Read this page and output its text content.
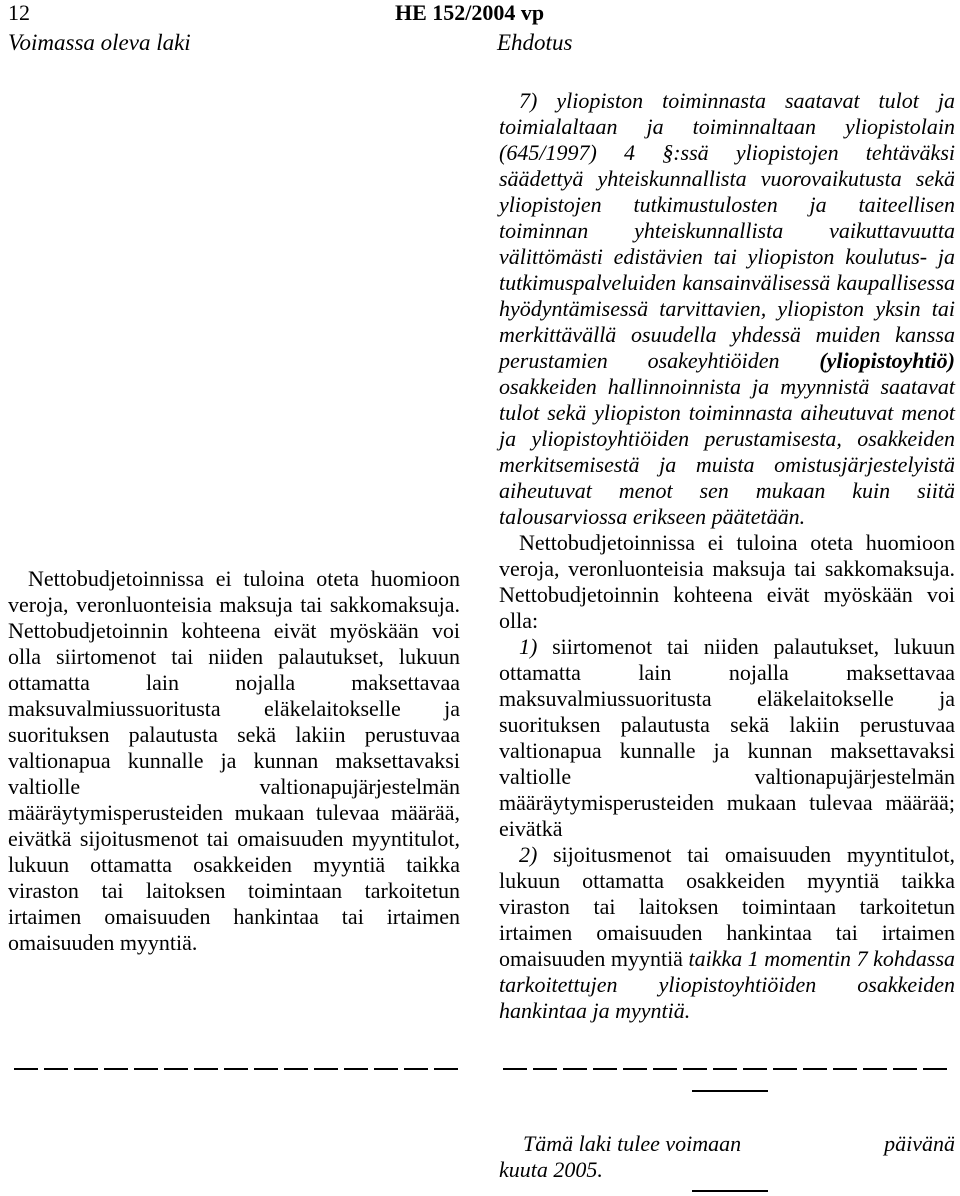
12	HE 152/2004 vp
Voimassa oleva laki	Ehdotus

Nettobudjetoinnissa ei tuloina oteta huomioon veroja, veronluonteisia maksuja tai sakkomaksuja. Nettobudjetoinnin kohteena eivät myöskään voi olla siirtomenot tai niiden palautukset, lukuun ottamatta lain nojalla maksettavaa maksuvalmiussuoritusta eläkelaitokselle ja suorituksen palautusta sekä lakiin perustuvaa valtionapua kunnalle ja kunnan maksettavaksi valtiolle valtionapujärjestelmän määräytymisperusteiden mukaan tulevaa määrää, eivätkä sijoitusmenot tai omaisuuden myyntitulot, lukuun ottamatta osakkeiden myyntiä taikka viraston tai laitoksen toimintaan tarkoitetun irtaimen omaisuuden hankintaa tai irtaimen omaisuuden myyntiä.

7) yliopiston toiminnasta saatavat tulot ja toimialaltaan ja toiminnaltaan yliopistolain (645/1997) 4 §:ssä yliopistojen tehtäväksi säädettyä yhteiskunnallista vuorovaikutusta sekä yliopistojen tutkimustulosten ja taiteellisen toiminnan yhteiskunnallista vaikuttavuutta välittömästi edistävien tai yliopiston koulutus- ja tutkimuspalveluiden kansainvälisessä kaupallisessa hyödyntämisessä tarvittavien, yliopiston yksin tai merkittävällä osuudella yhdessä muiden kanssa perustamien osakeyhtiöiden (yliopistoyhtiö) osakkeiden hallinnoinnista ja myynnistä saatavat tulot sekä yliopiston toiminnasta aiheutuvat menot ja yliopistoyhtiöiden perustamisesta, osakkeiden merkitsemisestä ja muista omistusjärjestelyistä aiheutuvat menot sen mukaan kuin siitä talousarviossa erikseen päätetään.

Nettobudjetoinnissa ei tuloina oteta huomioon veroja, veronluonteisia maksuja tai sakkomaksuja. Nettobudjetoinnin kohteena eivät myöskään voi olla:

1) siirtomenot tai niiden palautukset, lukuun ottamatta lain nojalla maksettavaa maksuvalmiussuoritusta eläkelaitokselle ja suorituksen palautusta sekä lakiin perustuvaa valtionapua kunnalle ja kunnan maksettavaksi valtiolle valtionapujärjestelmän määräytymisperusteiden mukaan tulevaa määrää; eivätkä

2) sijoitusmenot tai omaisuuden myyntitulot, lukuun ottamatta osakkeiden myyntiä taikka viraston tai laitoksen toimintaan tarkoitetun irtaimen omaisuuden hankintaa tai irtaimen omaisuuden myyntiä taikka 1 momentin 7 kohdassa tarkoitettujen yliopistoyhtiöiden osakkeiden hankintaa ja myyntiä.

Tämä laki tulee voimaan	päivänä
kuuta 2005.
